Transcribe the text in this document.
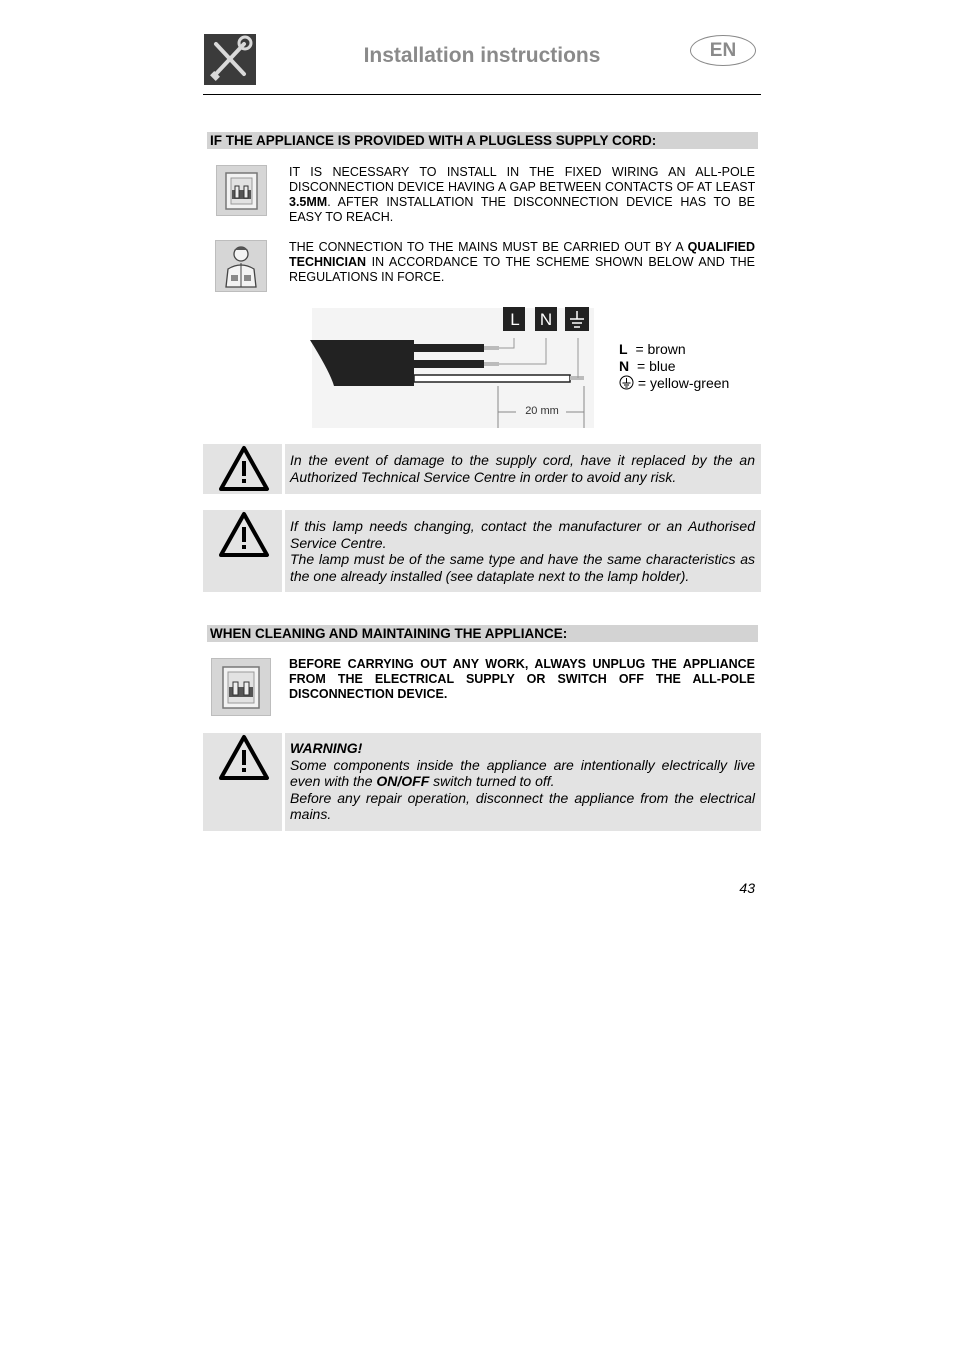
Installation instructions	EN
IF THE APPLIANCE IS PROVIDED WITH A PLUGLESS SUPPLY CORD:
IT IS NECESSARY TO INSTALL IN THE FIXED WIRING AN ALL-POLE DISCONNECTION DEVICE HAVING A GAP BETWEEN CONTACTS OF AT LEAST 3.5MM. AFTER INSTALLATION THE DISCONNECTION DEVICE HAS TO BE EASY TO REACH.
THE CONNECTION TO THE MAINS MUST BE CARRIED OUT BY A QUALIFIED TECHNICIAN IN ACCORDANCE TO THE SCHEME SHOWN BELOW AND THE REGULATIONS IN FORCE.
L N
20 mm
L = brown
N = blue
= yellow-green
In the event of damage to the supply cord, have it replaced by the an Authorized Technical Service Centre in order to avoid any risk.
If this lamp needs changing, contact the manufacturer or an Authorised Service Centre.
The lamp must be of the same type and have the same characteristics as the one already installed (see dataplate next to the lamp holder).
WHEN CLEANING AND MAINTAINING THE APPLIANCE:
BEFORE CARRYING OUT ANY WORK, ALWAYS UNPLUG THE APPLIANCE FROM THE ELECTRICAL SUPPLY OR SWITCH OFF THE ALL-POLE DISCONNECTION DEVICE.
WARNING!
Some components inside the appliance are intentionally electrically live even with the ON/OFF switch turned to off.
Before any repair operation, disconnect the appliance from the electrical mains.
43
